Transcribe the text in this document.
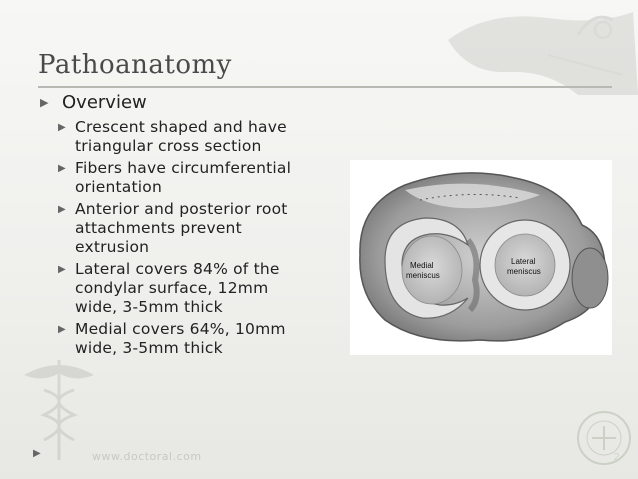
Pathoanatomy
▶ Overview
▶ Crescent shaped and have triangular cross section
▶ Fibers have circumferential orientation
▶ Anterior and posterior root attachments prevent extrusion
▶ Lateral covers 84% of the condylar surface, 12mm wide, 3-5mm thick
▶ Medial covers 64%, 10mm wide, 3-5mm thick
Medial
meniscus
Lateral
meniscus
▶	www.doctoral.com	2
